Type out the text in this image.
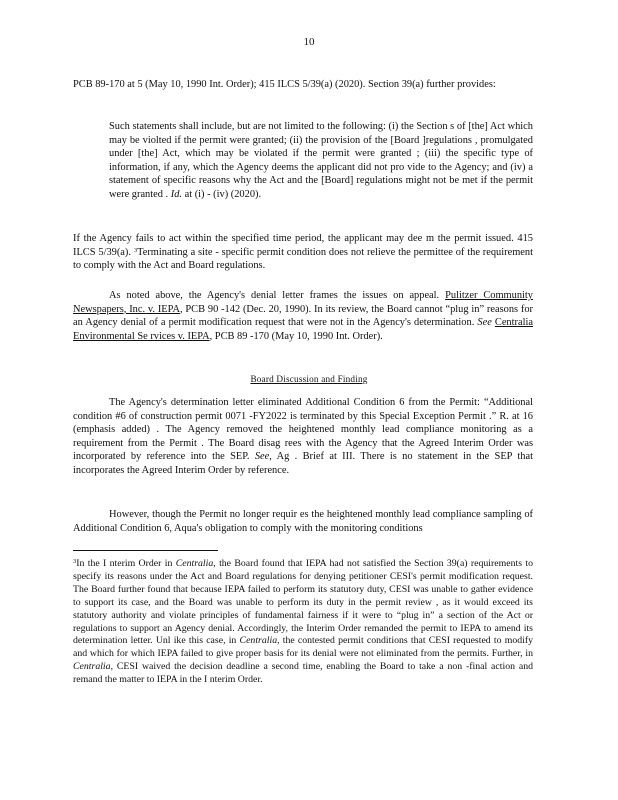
10

PCB 89-170 at 5 (May 10, 1990 Int. Order); 415 ILCS 5/39(a) (2020). Section 39(a) further provides:

Such statements shall include, but are not limited to the following: (i) the Section s of [the] Act which may be violted if the permit were granted; (ii) the provision of the [Board ]regulations , promulgated under [the] Act, which may be violated if the permit were granted ; (iii) the specific type of information, if any, which the Agency deems the applicant did not pro vide to the Agency; and (iv) a statement of specific reasons why the Act and the [Board] regulations might not be met if the permit were granted . Id. at (i) - (iv) (2020).

If the Agency fails to act within the specified time period, the applicant may dee m the permit issued. 415 ILCS 5/39(a). $^3$Terminating a site - specific permit condition does not relieve the permittee of the requirement to comply with the Act and Board regulations.

As noted above, the Agency's denial letter frames the issues on appeal. Pulitzer Community Newspapers, Inc. v. IEPA, PCB 90 -142 (Dec. 20, 1990). In its review, the Board cannot “plug in” reasons for an Agency denial of a permit modification request that were not in the Agency's determination. See Centralia Environmental Se rvices v. IEPA, PCB 89 -170 (May 10, 1990 Int. Order).

Board Discussion and Finding

The Agency's determination letter eliminated Additional Condition 6 from the Permit: “Additional condition #6 of construction permit 0071 -FY2022 is terminated by this Special Exception Permit .” R. at 16 (emphasis added) . The Agency removed the heightened monthly lead compliance monitoring as a requirement from the Permit . The Board disag rees with the Agency that the Agreed Interim Order was incorporated by reference into the SEP. See, Ag . Brief at III. There is no statement in the SEP that incorporates the Agreed Interim Order by reference.

However, though the Permit no longer requir es the heightened monthly lead compliance sampling of Additional Condition 6, Aqua's obligation to comply with the monitoring conditions

$^3$In the I nterim Order in Centralia, the Board found that IEPA had not satisfied the Section 39(a) requirements to specify its reasons under the Act and Board regulations for denying petitioner CESI's permit modification request. The Board further found that because IEPA failed to perform its statutory duty, CESI was unable to gather evidence to support its case, and the Board was unable to perform its duty in the permit review , as it would exceed its statutory authority and violate principles of fundamental fairness if it were to “plug in” a section of the Act or regulations to support an Agency denial. Accordingly, the Interim Order remanded the permit to IEPA to amend its determination letter. Unl ike this case, in Centralia, the contested permit conditions that CESI requested to modify and which for which IEPA failed to give proper basis for its denial were not eliminated from the permits. Further, in Centralia, CESI waived the decision deadline a second time, enabling the Board to take a non -final action and remand the matter to IEPA in the I nterim Order.
